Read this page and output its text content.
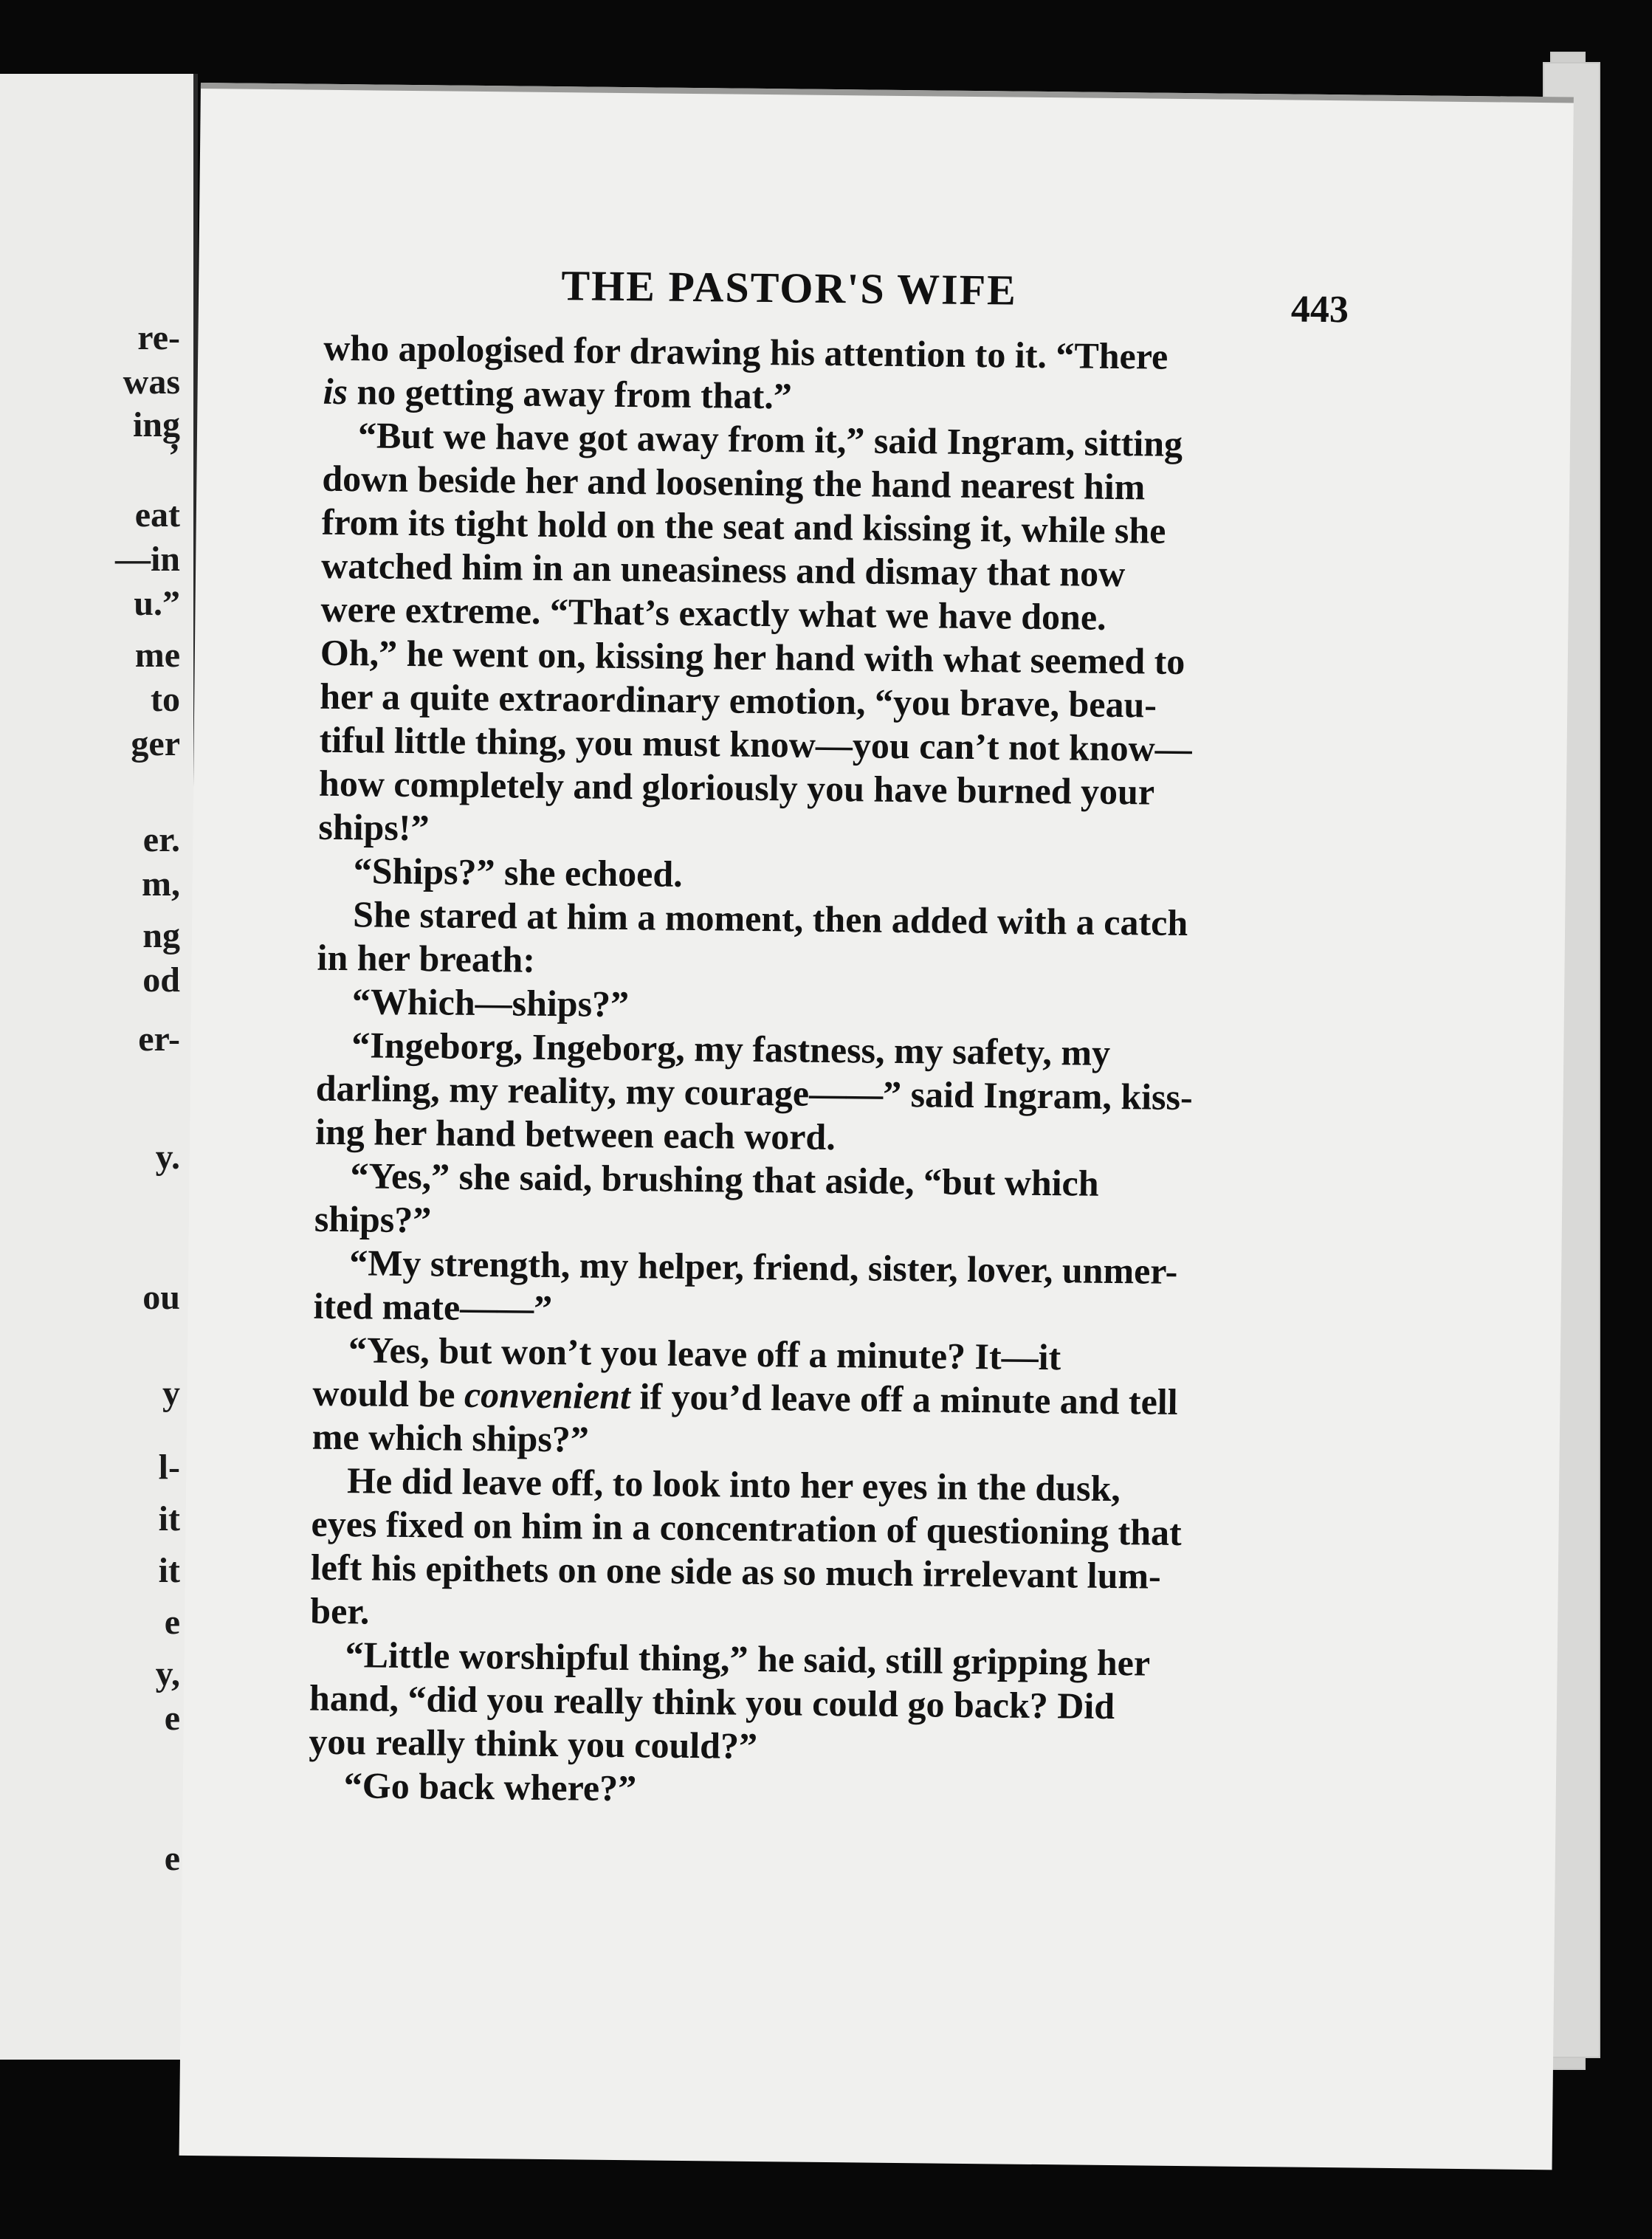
re-
was
ing
’
eat
—in
u.”
me
to
ger
er.
m,
ng
od
er-
y.
ou
y
l-
it
it
e
y,
e
e
THE PASTOR'S WIFE	443
who apologised for drawing his attention to it. “There
is no getting away from that.”
“But we have got away from it,” said Ingram, sitting
down beside her and loosening the hand nearest him
from its tight hold on the seat and kissing it, while she
watched him in an uneasiness and dismay that now
were extreme. “That’s exactly what we have done.
Oh,” he went on, kissing her hand with what seemed to
her a quite extraordinary emotion, “you brave, beau-
tiful little thing, you must know—you can’t not know—
how completely and gloriously you have burned your
ships!”
“Ships?” she echoed.
She stared at him a moment, then added with a catch
in her breath:
“Which—ships?”
“Ingeborg, Ingeborg, my fastness, my safety, my
darling, my reality, my courage——” said Ingram, kiss-
ing her hand between each word.
“Yes,” she said, brushing that aside, “but which
ships?”
“My strength, my helper, friend, sister, lover, unmer-
ited mate——”
“Yes, but won’t you leave off a minute? It—it
would be convenient if you’d leave off a minute and tell
me which ships?”
He did leave off, to look into her eyes in the dusk,
eyes fixed on him in a concentration of questioning that
left his epithets on one side as so much irrelevant lum-
ber.
“Little worshipful thing,” he said, still gripping her
hand, “did you really think you could go back? Did
you really think you could?”
“Go back where?”
